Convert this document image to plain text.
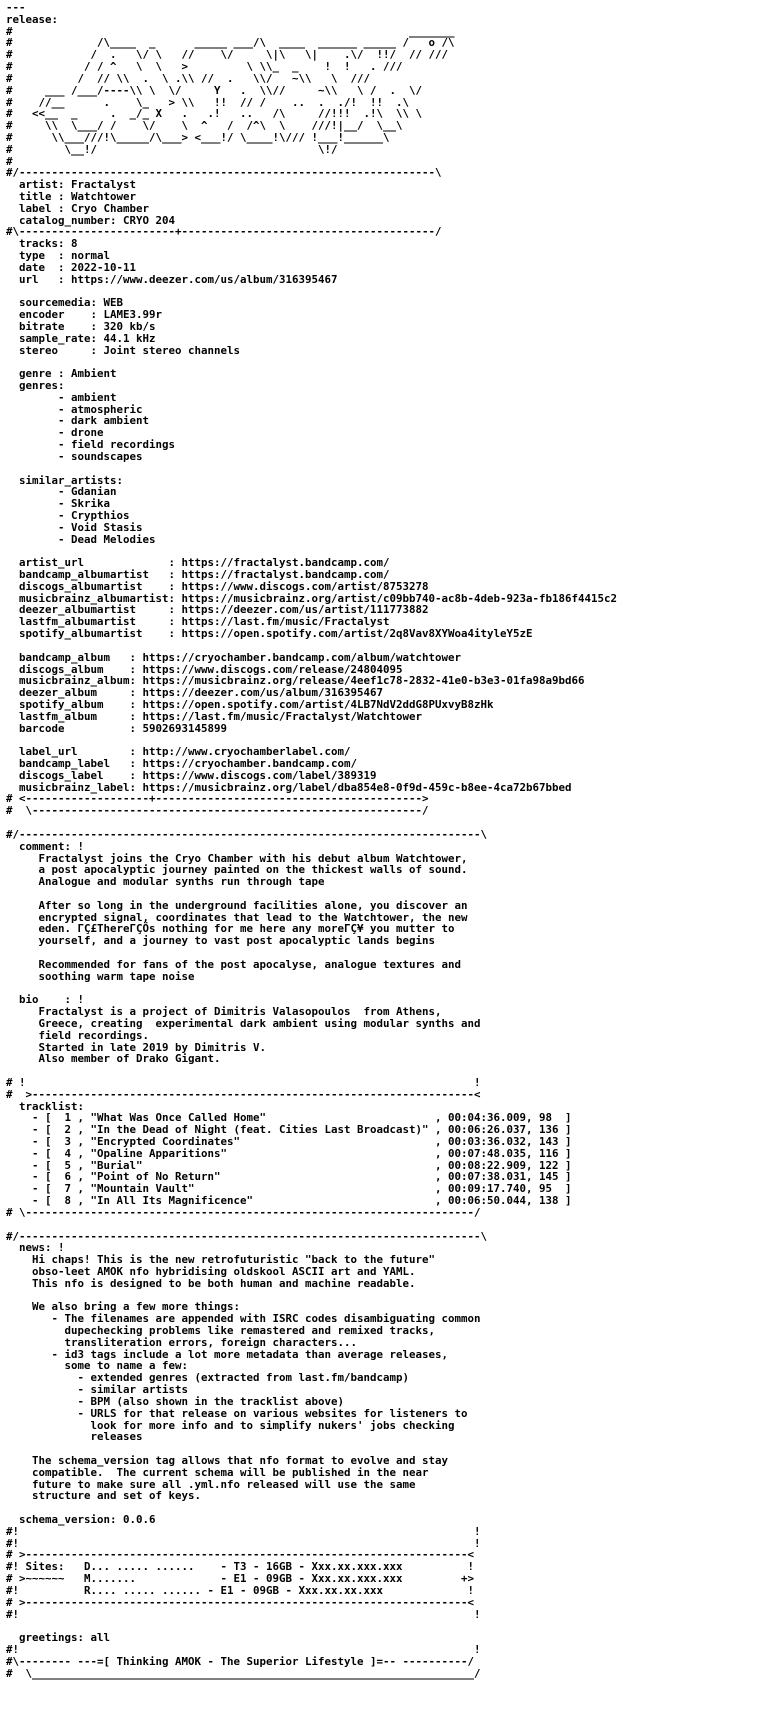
---
release:
#                                                             _______
#             /\____  _      _____ ___/\  ____  ______ _____ /   o /\
#            /  .   \/ \   //    \/     \|\   \|    .\/  !!/  // ///
#           / / ^   \  \   >         \ \\_  _    !  !   . ///
#          /  // \\  .  \ .\\ //  .   \\/   ~\\   \  ///
#     ___ /___/----\\ \  \/     Y   .  \\//     ~\\   \ /  .  \/
#    //__      .    \_   > \\   !!  // /    ..  .  ./!  !!  .\
#   <<__  _     .  _/_ X   .   .!   ..   /\     //!!!  .!\  \\ \
#     \\  \___/ /    \/    \  ^   /  /^\  \    ///!|__/  \__\
#      \\___///!\_____/\___> <___!/ \____!\/// !___!______\
#        \__!/                                  \!/
#
#/----------------------------------------------------------------\
artist: Fractalyst
title : Watchtower
label : Cryo Chamber
catalog_number: CRYO 204
#\------------------------+---------------------------------------/
tracks: 8
type  : normal
date  : 2022-10-11
url   : https://www.deezer.com/us/album/316395467
sourcemedia: WEB
encoder    : LAME3.99r
bitrate    : 320 kb/s
sample_rate: 44.1 kHz
stereo     : Joint stereo channels
genre : Ambient
genres:
- ambient
- atmospheric
- dark ambient
- drone
- field recordings
- soundscapes
similar_artists:
- Gdanian
- Skrika
- Crypthios
- Void Stasis
- Dead Melodies
artist_url             : https://fractalyst.bandcamp.com/
bandcamp_albumartist   : https://fractalyst.bandcamp.com/
discogs_albumartist    : https://www.discogs.com/artist/8753278
musicbrainz_albumartist: https://musicbrainz.org/artist/c09bb740-ac8b-4deb-923a-fb186f4415c2
deezer_albumartist     : https://deezer.com/us/artist/111773882
lastfm_albumartist     : https://last.fm/music/Fractalyst
spotify_albumartist    : https://open.spotify.com/artist/2q8Vav8XYWoa4ityleY5zE
bandcamp_album   : https://cryochamber.bandcamp.com/album/watchtower
discogs_album    : https://www.discogs.com/release/24804095
musicbrainz_album: https://musicbrainz.org/release/4eef1c78-2832-41e0-b3e3-01fa98a9bd66
deezer_album     : https://deezer.com/us/album/316395467
spotify_album    : https://open.spotify.com/artist/4LB7NdV2ddG8PUxvyB8zHk
lastfm_album     : https://last.fm/music/Fractalyst/Watchtower
barcode          : 5902693145899
label_url        : http://www.cryochamberlabel.com/
bandcamp_label   : https://cryochamber.bandcamp.com/
discogs_label    : https://www.discogs.com/label/389319
musicbrainz_label: https://musicbrainz.org/label/dba854e8-0f9d-459c-b8ee-4ca72b67bbed
# <-------------------+----------------------------------------->
#  \------------------------------------------------------------/
#/-----------------------------------------------------------------------\
comment: !
Fractalyst joins the Cryo Chamber with his debut album Watchtower,
a post apocalyptic journey painted on the thickest walls of sound.
Analogue and modular synths run through tape
After so long in the underground facilities alone, you discover an
encrypted signal, coordinates that lead to the Watchtower, the new
eden. ΓÇ£ThereΓÇÖs nothing for me here any moreΓÇ¥ you mutter to
yourself, and a journey to vast post apocalyptic lands begins
Recommended for fans of the post apocalyse, analogue textures and
soothing warm tape noise
bio    : !
Fractalyst is a project of Dimitris Valasopoulos  from Athens,
Greece, creating  experimental dark ambient using modular synths and
field recordings.
Started in late 2019 by Dimitris V.
Also member of Drako Gigant.
# !                                                                     !
#  >--------------------------------------------------------------------<
tracklist:
- [  1 , "What Was Once Called Home"                          , 00:04:36.009, 98  ]
- [  2 , "In the Dead of Night (feat. Cities Last Broadcast)" , 00:06:26.037, 136 ]
- [  3 , "Encrypted Coordinates"                              , 00:03:36.032, 143 ]
- [  4 , "Opaline Apparitions"                                , 00:07:48.035, 116 ]
- [  5 , "Burial"                                             , 00:08:22.909, 122 ]
- [  6 , "Point of No Return"                                 , 00:07:38.031, 145 ]
- [  7 , "Mountain Vault"                                     , 00:09:17.740, 95  ]
- [  8 , "In All Its Magnificence"                            , 00:06:50.044, 138 ]
# \---------------------------------------------------------------------/
#/-----------------------------------------------------------------------\
news: !
Hi chaps! This is the new retrofuturistic "back to the future"
obso-leet AMOK nfo hybridising oldskool ASCII art and YAML.
This nfo is designed to be both human and machine readable.
We also bring a few more things:
- The filenames are appended with ISRC codes disambiguating common
dupechecking problems like remastered and remixed tracks,
transliteration errors, foreign characters...
- id3 tags include a lot more metadata than average releases,
some to name a few:
- extended genres (extracted from last.fm/bandcamp)
- similar artists
- BPM (also shown in the tracklist above)
- URLS for that release on various websites for listeners to
look for more info and to simplify nukers' jobs checking
releases
The schema_version tag allows that nfo format to evolve and stay
compatible.  The current schema will be published in the near
future to make sure all .yml.nfo released will use the same
structure and set of keys.
schema_version: 0.0.6
#!                                                                      !
#!                                                                      !
# >--------------------------------------------------------------------<
#! Sites:   D... ..... ......    - T3 - 16GB - Xxx.xx.xxx.xxx          !
# >~~~~~~   M.......             - E1 - 09GB - Xxx.xx.xxx.xxx         +>
#!          R.... ..... ...... - E1 - 09GB - Xxx.xx.xx.xxx             !
# >--------------------------------------------------------------------<
#!                                                                      !
greetings: all
#!                                                                      !
#\-------- ---=[ Thinking AMOK - The Superior Lifestyle ]=-- ----------/
#  \____________________________________________________________________/
